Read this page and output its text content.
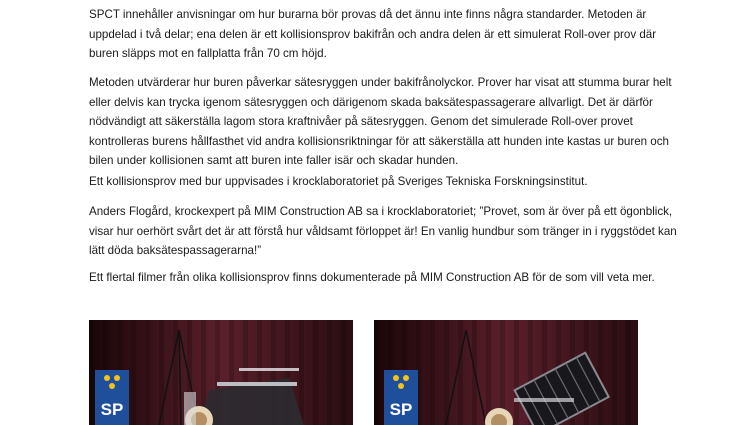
SPCT innehåller anvisningar om hur burarna bör provas då det ännu inte finns några standarder. Metoden är uppdelad i två delar; ena delen är ett kollisionsprov bakifrån och andra delen är ett simulerat Roll-over prov där buren släpps mot en fallplatta från 70 cm höjd.

Metoden utvärderar hur buren påverkar sätesryggen under bakifrånolyckor. Prover har visat att stumma burar helt eller delvis kan trycka igenom sätesryggen och därigenom skada baksätespassagerare allvarligt. Det är därför nödvändigt att säkerställa lagom stora kraftnivåer på sätesryggen. Genom det simulerade Roll-over provet kontrolleras burens hållfasthet vid andra kollisionsriktningar för att säkerställa att hunden inte kastas ur buren och bilen under kollisionen samt att buren inte faller isär och skadar hunden.

Ett kollisionsprov med bur uppvisades i krocklaboratoriet på Sveriges Tekniska Forskningsinstitut.

Anders Flogård, krockexpert på MIM Construction AB sa i krocklaboratoriet; ”Provet, som är över på ett ögonblick, visar hur oerhört svårt det är att förstå hur våldsamt förloppet är! En vanlig hundbur som tränger in i ryggstödet kan lätt döda baksätespassagerarna!”

Ett flertal filmer från olika kollisionsprov finns dokumenterade på MIM Construction AB för de som vill veta mer.

SP	SP
